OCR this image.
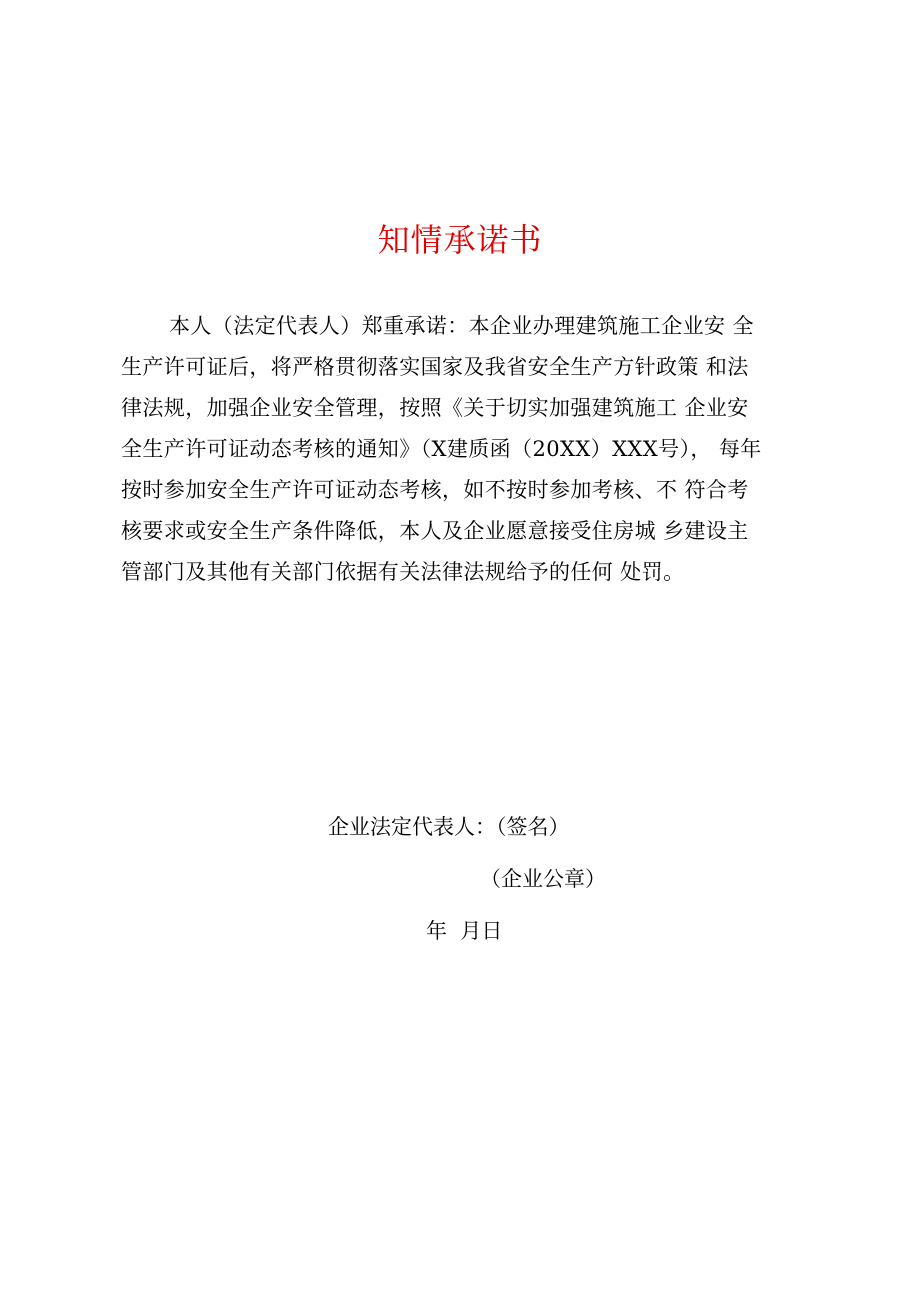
知情承诺书
本人（法定代表人）郑重承诺：本企业办理建筑施工企业安 全
生产许可证后，将严格贯彻落实国家及我省安全生产方针政策 和法
律法规，加强企业安全管理，按照《关于切实加强建筑施工 企业安
全生产许可证动态考核的通知》（X建质函（20XX）XXX号）， 每年
按时参加安全生产许可证动态考核，如不按时参加考核、不 符合考
核要求或安全生产条件降低，本人及企业愿意接受住房城 乡建设主
管部门及其他有关部门依据有关法律法规给予的任何 处罚。
企业法定代表人：（签名）
（企业公章）
年  月日
